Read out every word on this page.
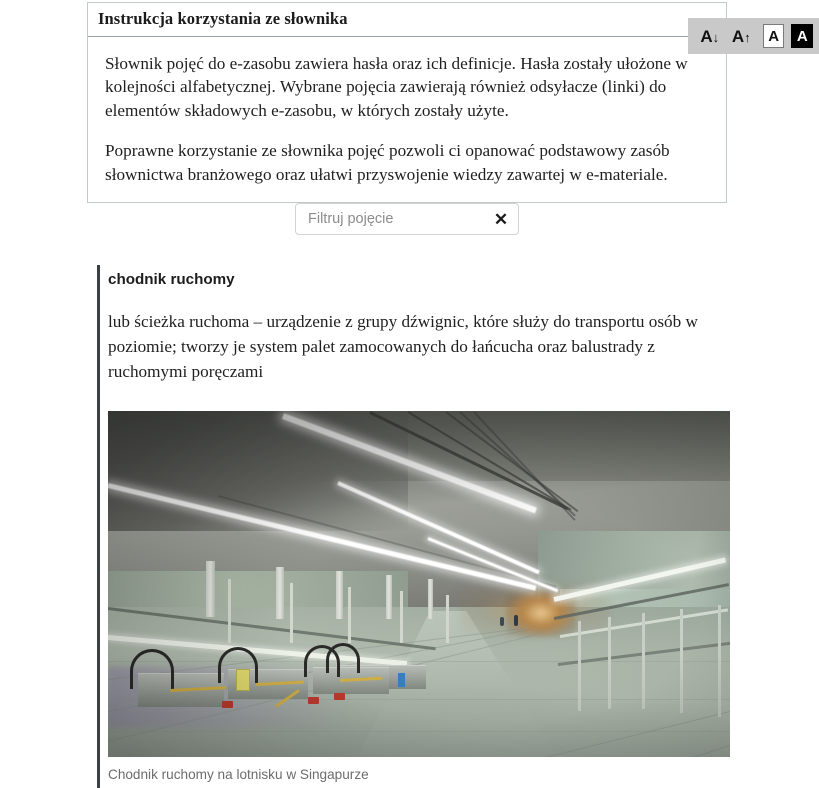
Instrukcja korzystania ze słownika

Słownik pojęć do e-zasobu zawiera hasła oraz ich definicje. Hasła zostały ułożone w kolejności alfabetycznej. Wybrane pojęcia zawierają również odsyłacze (linki) do elementów składowych e-zasobu, w których zostały użyte.

Poprawne korzystanie ze słownika pojęć pozwoli ci opanować podstawowy zasób słownictwa branżowego oraz ułatwi przyswojenie wiedzy zawartej w e-materiale.

A ↓ A ↑ A A
Filtruj pojęcie
✕
chodnik ruchomy

lub ścieżka ruchoma – urządzenie z grupy dźwignic, które służy do transportu osób w poziomie; tworzy je system palet zamocowanych do łańcucha oraz balustrady z ruchomymi poręczami

Chodnik ruchomy na lotnisku w Singapurze
